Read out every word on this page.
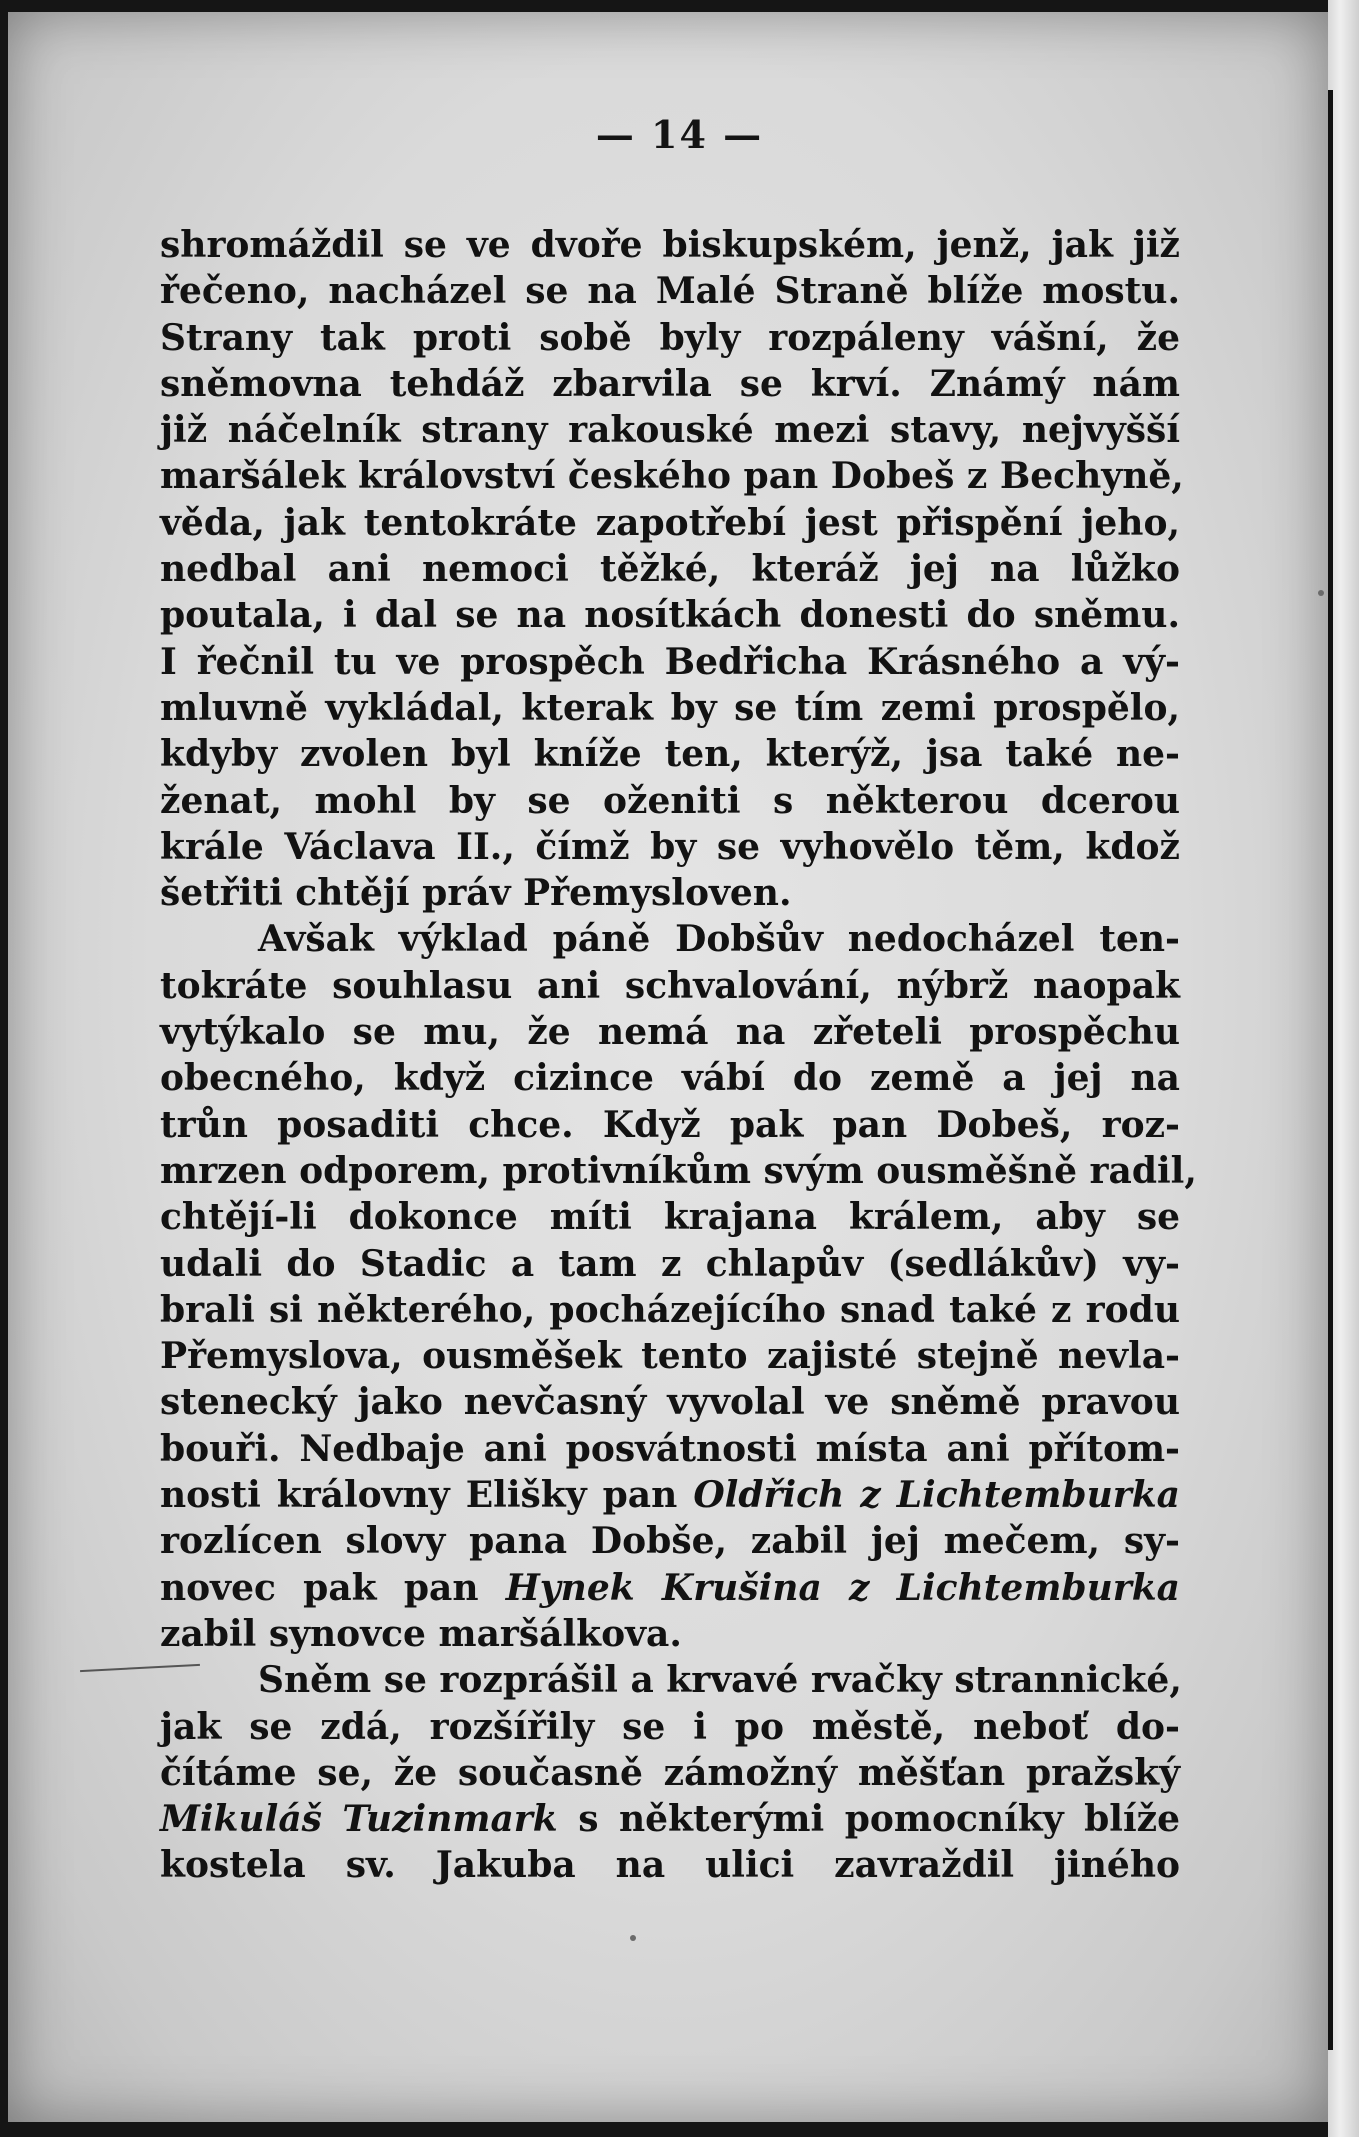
— 14 —
shromáždil se ve dvoře biskupském, jenž, jak již
řečeno, nacházel se na Malé Straně blíže mostu.
Strany tak proti sobě byly rozpáleny vášní, že
sněmovna tehdáž zbarvila se krví. Známý nám
již náčelník strany rakouské mezi stavy, nejvyšší
maršálek království českého pan Dobeš z Bechyně,
věda, jak tentokráte zapotřebí jest přispění jeho,
nedbal ani nemoci těžké, kteráž jej na lůžko
poutala, i dal se na nosítkách donesti do sněmu.
I řečnil tu ve prospěch Bedřicha Krásného a vý-
mluvně vykládal, kterak by se tím zemi prospělo,
kdyby zvolen byl kníže ten, kterýž, jsa také ne-
ženat, mohl by se oženiti s některou dcerou
krále Václava II., čímž by se vyhovělo těm, kdož
šetřiti chtějí práv Přemysloven.
Avšak výklad páně Dobšův nedocházel ten-
tokráte souhlasu ani schvalování, nýbrž naopak
vytýkalo se mu, že nemá na zřeteli prospěchu
obecného, když cizince vábí do země a jej na
trůn posaditi chce. Když pak pan Dobeš, roz-
mrzen odporem, protivníkům svým ousměšně radil,
chtějí-li dokonce míti krajana králem, aby se
udali do Stadic a tam z chlapův (sedlákův) vy-
brali si některého, pocházejícího snad také z rodu
Přemyslova, ousměšek tento zajisté stejně nevla-
stenecký jako nevčasný vyvolal ve sněmě pravou
bouři. Nedbaje ani posvátnosti místa ani přítom-
nosti královny Elišky pan Oldřich z Lichtemburka
rozlícen slovy pana Dobše, zabil jej mečem, sy-
novec pak pan Hynek Krušina z Lichtemburka
zabil synovce maršálkova.
Sněm se rozprášil a krvavé rvačky strannické,
jak se zdá, rozšířily se i po městě, neboť do-
čítáme se, že současně zámožný měšťan pražský
Mikuláš Tuzinmark s některými pomocníky blíže
kostela sv. Jakuba na ulici zavraždil jiného
